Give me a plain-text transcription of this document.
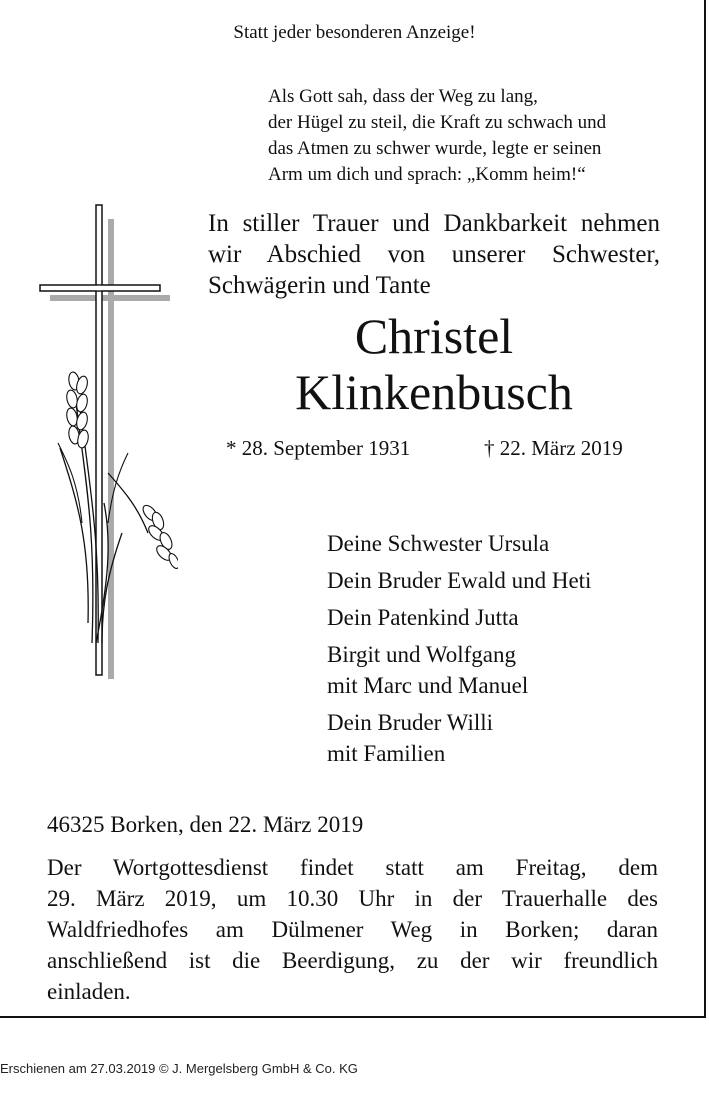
Statt jeder besonderen Anzeige!

Als Gott sah, dass der Weg zu lang,
der Hügel zu steil, die Kraft zu schwach und
das Atmen zu schwer wurde, legte er seinen
Arm um dich und sprach: „Komm heim!“
In stiller Trauer und Dankbarkeit nehmen
wir Abschied von unserer Schwester,
Schwägerin und Tante
Christel
Klinkenbusch
* 28. September 1931	† 22. März 2019
Deine Schwester Ursula
Dein Bruder Ewald und Heti
Dein Patenkind Jutta
Birgit und Wolfgang
mit Marc und Manuel
Dein Bruder Willi
mit Familien

46325 Borken, den 22. März 2019

Der Wortgottesdienst findet statt am Freitag, dem
29. März 2019, um 10.30 Uhr in der Trauerhalle des
Waldfriedhofes am Dülmener Weg in Borken; daran
anschließend ist die Beerdigung, zu der wir freundlich
einladen.

Erschienen am 27.03.2019 © J. Mergelsberg GmbH & Co. KG
